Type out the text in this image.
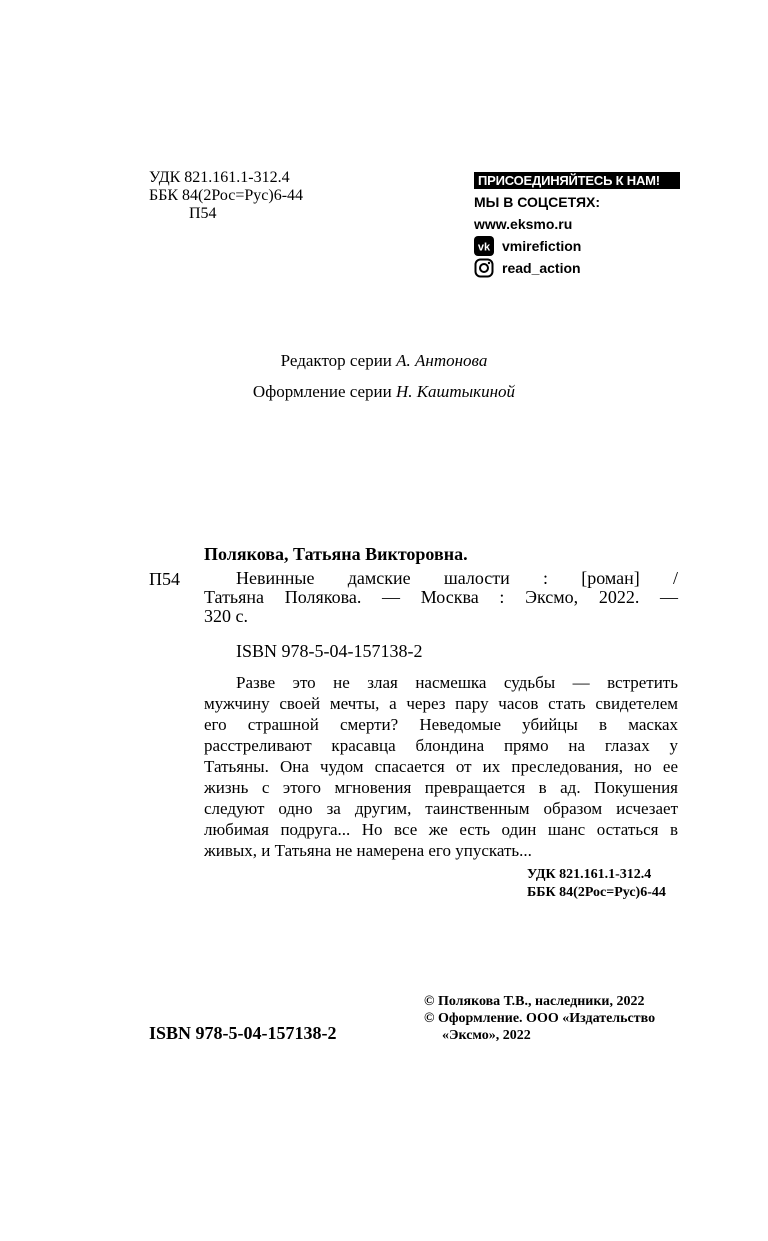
УДК 821.161.1-312.4
ББК 84(2Рос=Рус)6-44
П54
ПРИСОЕДИНЯЙТЕСЬ К НАМ!
МЫ В СОЦСЕТЯХ:
www.eksmo.ru
vk vmirefiction
read_action
Редактор серии А. Антонова
Оформление серии Н. Каштыкиной
Полякова, Татьяна Викторовна.
П54	Невинные дамские шалости : [роман] /
Татьяна Полякова. — Москва : Эксмо, 2022. —
320 с.
ISBN 978-5-04-157138-2
Разве это не злая насмешка судьбы — встретить
мужчину своей мечты, а через пару часов стать свидетелем
его страшной смерти? Неведомые убийцы в масках
расстреливают красавца блондина прямо на глазах у
Татьяны. Она чудом спасается от их преследования, но ее
жизнь с этого мгновения превращается в ад. Покушения
следуют одно за другим, таинственным образом исчезает
любимая подруга... Но все же есть один шанс остаться в
живых, и Татьяна не намерена его упускать...
УДК 821.161.1-312.4
ББК 84(2Рос=Рус)6-44
© Полякова Т.В., наследники, 2022
© Оформление. ООО «Издательство
«Эксмо», 2022
ISBN 978-5-04-157138-2
